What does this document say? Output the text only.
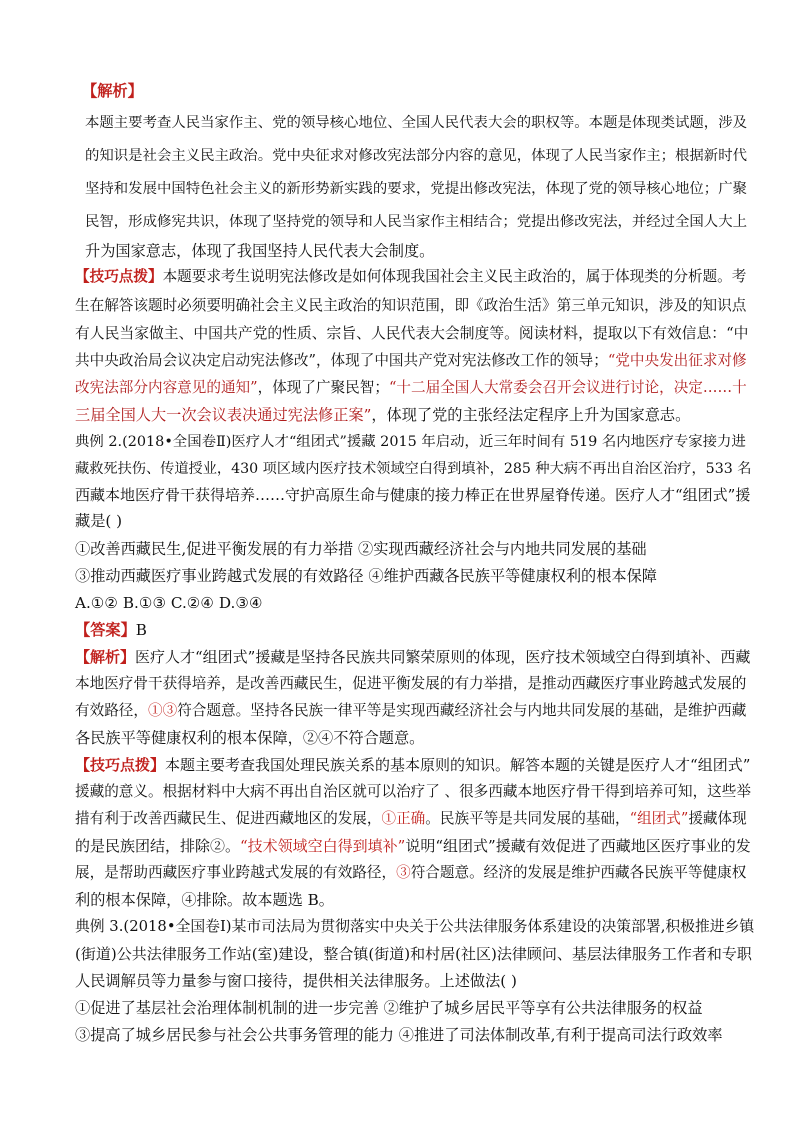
【解析】
本题主要考查人民当家作主、党的领导核心地位、全国人民代表大会的职权等。本题是体现类试题，涉及
的知识是社会主义民主政治。党中央征求对修改宪法部分内容的意见，体现了人民当家作主；根据新时代
坚持和发展中国特色社会主义的新形势新实践的要求，党提出修改宪法，体现了党的领导核心地位；广聚
民智，形成修宪共识，体现了坚持党的领导和人民当家作主相结合；党提出修改宪法，并经过全国人大上
升为国家意志，体现了我国坚持人民代表大会制度。
【技巧点拨】本题要求考生说明宪法修改是如何体现我国社会主义民主政治的，属于体现类的分析题。考
生在解答该题时必须要明确社会主义民主政治的知识范围，即《政治生活》第三单元知识，涉及的知识点
有人民当家做主、中国共产党的性质、宗旨、人民代表大会制度等。阅读材料，提取以下有效信息：“中
共中央政治局会议决定启动宪法修改”，体现了中国共产党对宪法修改工作的领导；“党中央发出征求对修
改宪法部分内容意见的通知”，体现了广聚民智；“十二届全国人大常委会召开会议进行讨论，决定……十
三届全国人大一次会议表决通过宪法修正案”，体现了党的主张经法定程序上升为国家意志。
典例 2.(2018•全国卷Ⅱ)医疗人才“组团式”援藏 2015 年启动，近三年时间有 519 名内地医疗专家接力进
藏救死扶伤、传道授业，430 项区域内医疗技术领域空白得到填补，285 种大病不再出自治区治疗，533 名
西藏本地医疗骨干获得培养……守护高原生命与健康的接力棒正在世界屋脊传递。医疗人才“组团式”援
藏是( )
①改善西藏民生,促进平衡发展的有力举措 ②实现西藏经济社会与内地共同发展的基础
③推动西藏医疗事业跨越式发展的有效路径 ④维护西藏各民族平等健康权利的根本保障
A.①② B.①③ C.②④ D.③④
【答案】B
【解析】医疗人才“组团式”援藏是坚持各民族共同繁荣原则的体现，医疗技术领域空白得到填补、西藏
本地医疗骨干获得培养，是改善西藏民生，促进平衡发展的有力举措，是推动西藏医疗事业跨越式发展的
有效路径，①③符合题意。坚持各民族一律平等是实现西藏经济社会与内地共同发展的基础，是维护西藏
各民族平等健康权利的根本保障，②④不符合题意。
【技巧点拨】本题主要考查我国处理民族关系的基本原则的知识。解答本题的关键是医疗人才“组团式”
援藏的意义。根据材料中大病不再出自治区就可以治疗了 、很多西藏本地医疗骨干得到培养可知，这些举
措有利于改善西藏民生、促进西藏地区的发展，①正确。民族平等是共同发展的基础，“组团式”援藏体现
的是民族团结，排除②。“技术领域空白得到填补”说明“组团式”援藏有效促进了西藏地区医疗事业的发
展，是帮助西藏医疗事业跨越式发展的有效路径，③符合题意。经济的发展是维护西藏各民族平等健康权
利的根本保障，④排除。故本题选 B。
典例 3.(2018•全国卷Ⅰ)某市司法局为贯彻落实中央关于公共法律服务体系建设的决策部署,积极推进乡镇
(街道)公共法律服务工作站(室)建设，整合镇(街道)和村居(社区)法律顾问、基层法律服务工作者和专职
人民调解员等力量参与窗口接待，提供相关法律服务。上述做法( )
①促进了基层社会治理体制机制的进一步完善 ②维护了城乡居民平等享有公共法律服务的权益
③提高了城乡居民参与社会公共事务管理的能力 ④推进了司法体制改革,有利于提高司法行政效率
